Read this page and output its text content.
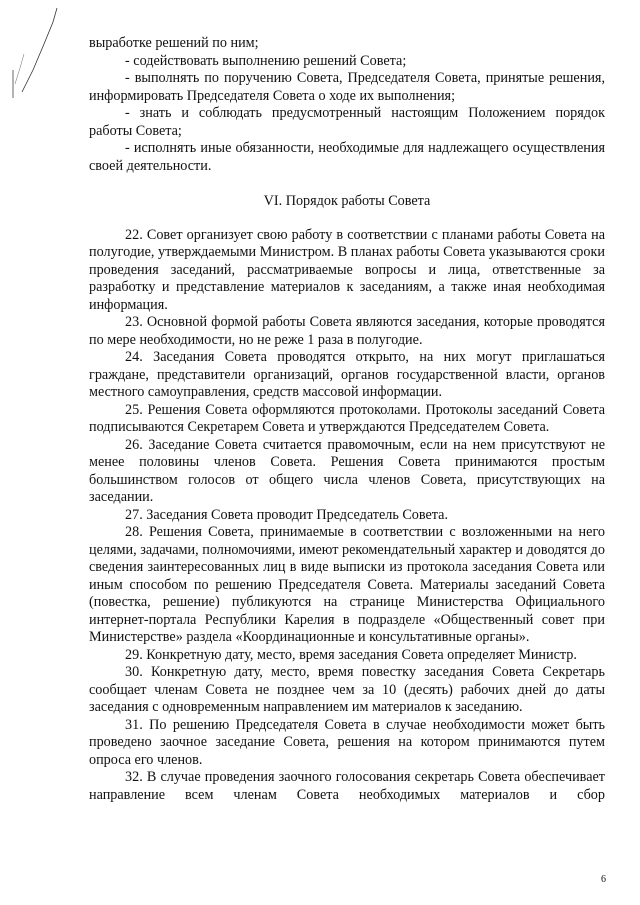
выработке решений по ним;

- содействовать выполнению решений Совета;

- выполнять по поручению Совета, Председателя Совета, принятые решения, информировать Председателя Совета о ходе их выполнения;

- знать и соблюдать предусмотренный настоящим Положением порядок работы Совета;

- исполнять иные обязанности, необходимые для надлежащего осуществления своей деятельности.

VI. Порядок работы Совета

22. Совет организует свою работу в соответствии с планами работы Совета на полугодие, утверждаемыми Министром. В планах работы Совета указываются сроки проведения заседаний, рассматриваемые вопросы и лица, ответственные за разработку и представление материалов к заседаниям, а также иная необходимая информация.

23. Основной формой работы Совета являются заседания, которые проводятся по мере необходимости, но не реже 1 раза в полугодие.

24. Заседания Совета проводятся открыто, на них могут приглашаться граждане, представители организаций, органов государственной власти, органов местного самоуправления, средств массовой информации.

25. Решения Совета оформляются протоколами. Протоколы заседаний Совета подписываются Секретарем Совета и утверждаются Председателем Совета.

26. Заседание Совета считается правомочным, если на нем присутствуют не менее половины членов Совета. Решения Совета принимаются простым большинством голосов от общего числа членов Совета, присутствующих на заседании.

27. Заседания Совета проводит Председатель Совета.

28. Решения Совета, принимаемые в соответствии с возложенными на него целями, задачами, полномочиями, имеют рекомендательный характер и доводятся до сведения заинтересованных лиц в виде выписки из протокола заседания Совета или иным способом по решению Председателя Совета. Материалы заседаний Совета (повестка, решение) публикуются на странице Министерства Официального интернет-портала Республики Карелия в подразделе «Общественный совет при Министерстве» раздела «Координационные и консультативные органы».

29. Конкретную дату, место, время заседания Совета определяет Министр.

30. Конкретную дату, место, время повестку заседания Совета Секретарь сообщает членам Совета не позднее чем за 10 (десять) рабочих дней до даты заседания с одновременным направлением им материалов к заседанию.

31. По решению Председателя Совета в случае необходимости может быть проведено заочное заседание Совета, решения на котором принимаются путем опроса его членов.

32. В случае проведения заочного голосования секретарь Совета обеспечивает направление всем членам Совета необходимых материалов и сбор

6
